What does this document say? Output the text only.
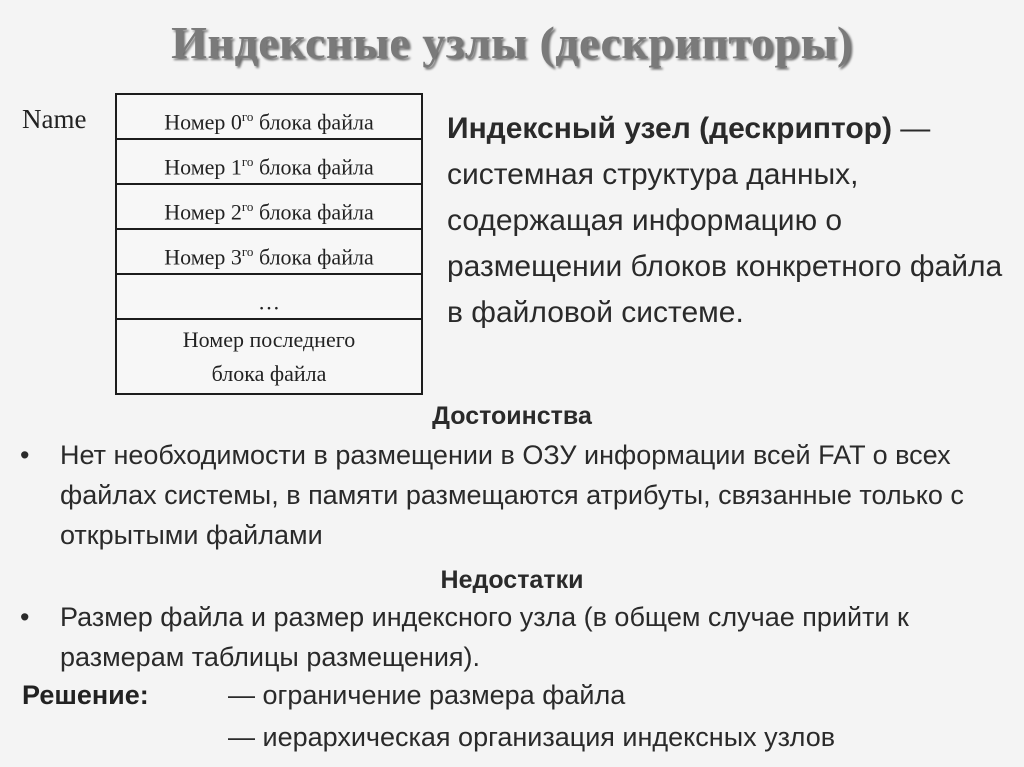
Индексные узлы (дескрипторы)
Name	Номер $0^{го}$ блока файла
Номер $1^{го}$ блока файла
Номер $2^{го}$ блока файла
Номер $3^{го}$ блока файла
…
Номер последнего
блока файла
Индексный узел (дескриптор) — системная структура данных, содержащая информацию о размещении блоков конкретного файла в файловой системе.
Достоинства
•	Нет необходимости в размещении в ОЗУ информации всей FAT о всех файлах системы, в памяти размещаются атрибуты, связанные только с открытыми файлами
Недостатки
•	Размер файла и размер индексного узла (в общем случае прийти к размерам таблицы размещения).
Решение:	— ограничение размера файла
— иерархическая организация индексных узлов
